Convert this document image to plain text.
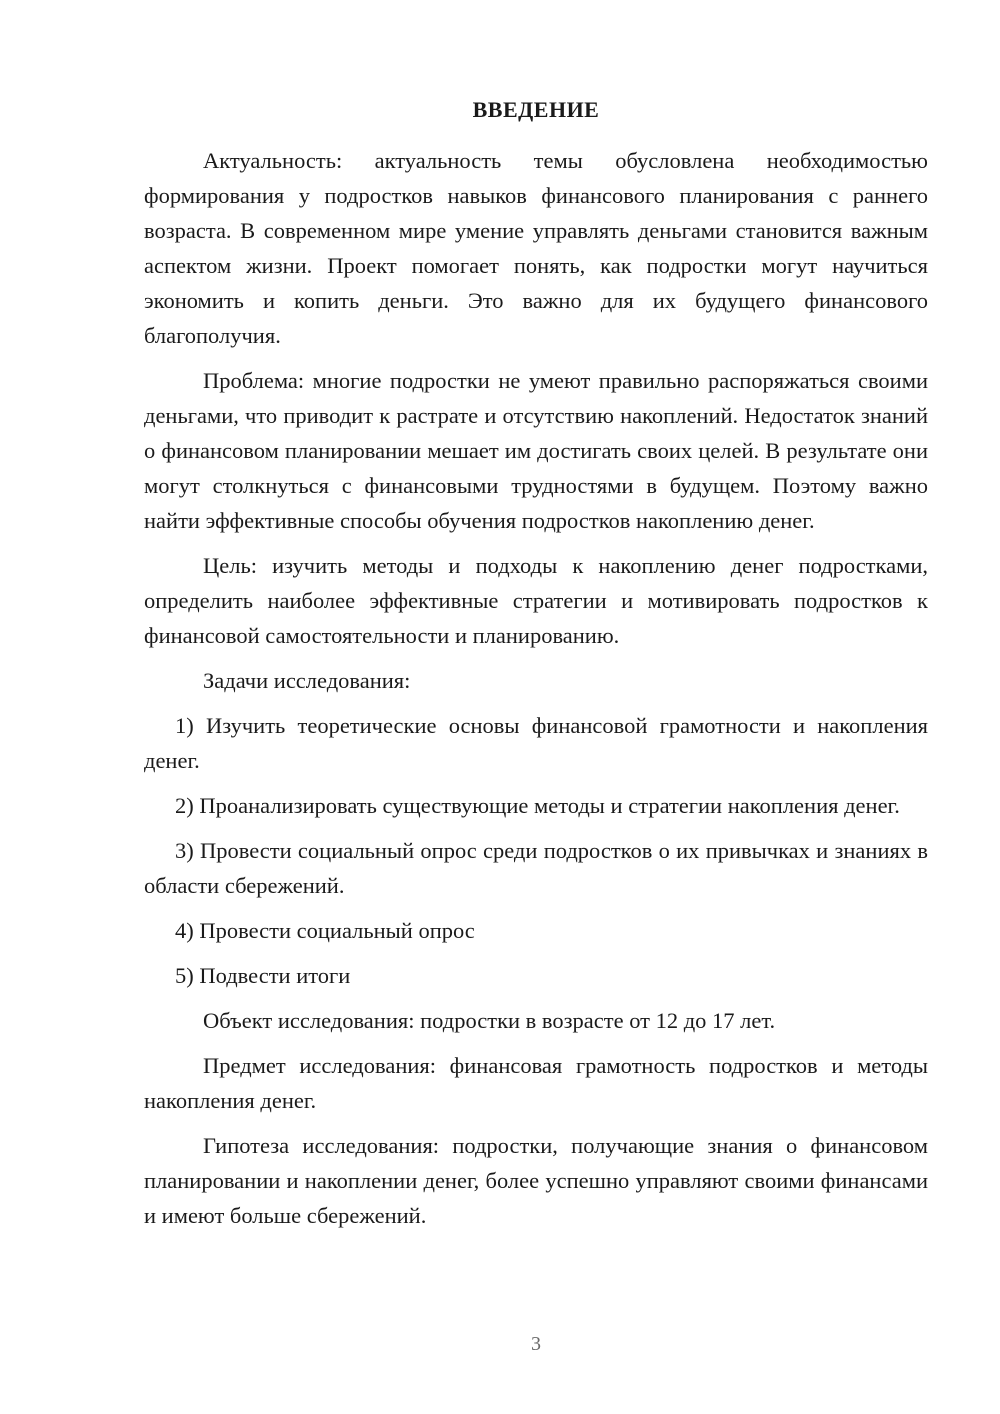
ВВЕДЕНИЕ

Актуальность: актуальность темы обусловлена необходимостью формирования у подростков навыков финансового планирования с раннего возраста. В современном мире умение управлять деньгами становится важным аспектом жизни. Проект помогает понять, как подростки могут научиться экономить и копить деньги. Это важно для их будущего финансового благополучия.

Проблема: многие подростки не умеют правильно распоряжаться своими деньгами, что приводит к растрате и отсутствию накоплений. Недостаток знаний о финансовом планировании мешает им достигать своих целей. В результате они могут столкнуться с финансовыми трудностями в будущем. Поэтому важно найти эффективные способы обучения подростков накоплению денег.

Цель: изучить методы и подходы к накоплению денег подростками, определить наиболее эффективные стратегии и мотивировать подростков к финансовой самостоятельности и планированию.

Задачи исследования:

1) Изучить теоретические основы финансовой грамотности и накопления денег.

2) Проанализировать существующие методы и стратегии накопления денег.

3) Провести социальный опрос среди подростков о их привычках и знаниях в области сбережений.

4) Провести социальный опрос

5) Подвести итоги

Объект исследования: подростки в возрасте от 12 до 17 лет.

Предмет исследования: финансовая грамотность подростков и методы накопления денег.

Гипотеза исследования: подростки, получающие знания о финансовом планировании и накоплении денег, более успешно управляют своими финансами и имеют больше сбережений.

3
